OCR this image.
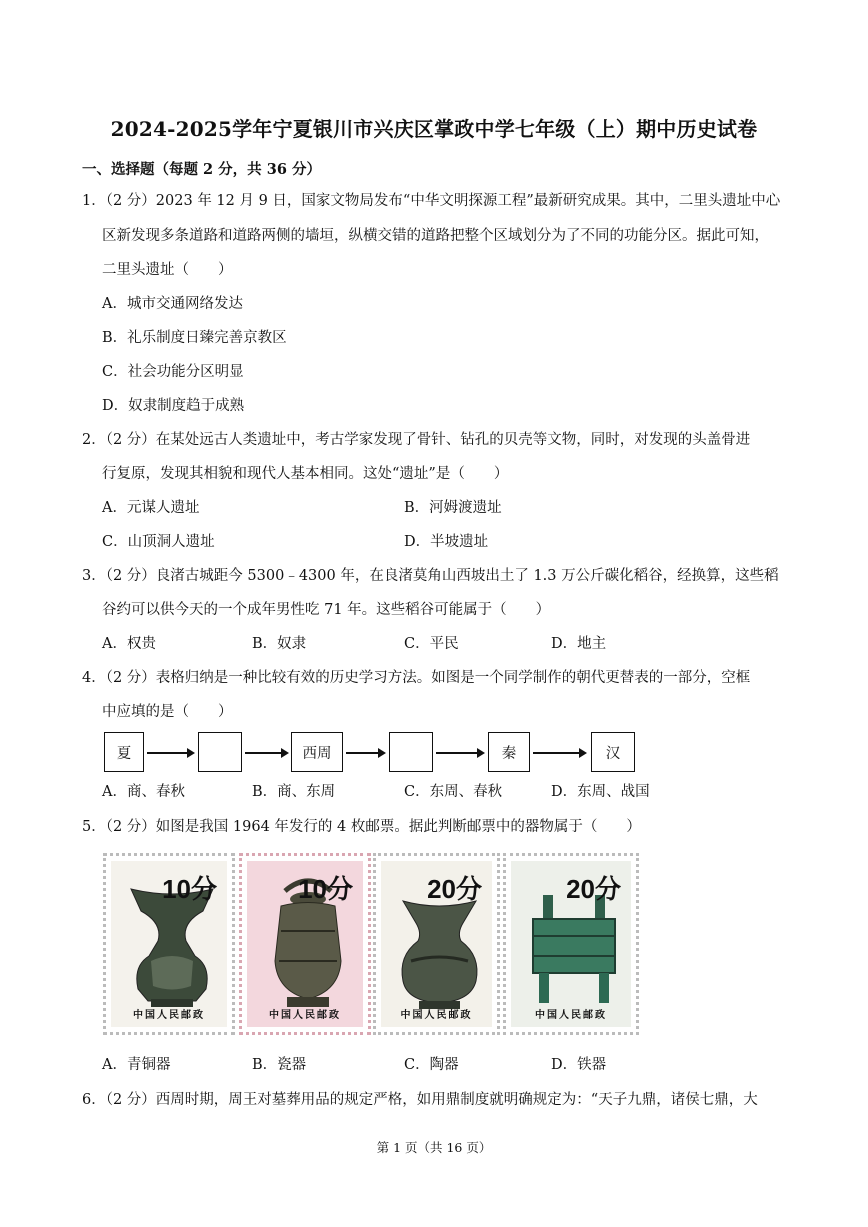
2024-2025学年宁夏银川市兴庆区掌政中学七年级（上）期中历史试卷
一、选择题（每题 2 分，共 36 分）
1．（2 分）2023 年 12 月 9 日，国家文物局发布“中华文明探源工程”最新研究成果。其中，二里头遗址中心
区新发现多条道路和道路两侧的墙垣，纵横交错的道路把整个区域划分为了不同的功能分区。据此可知，
二里头遗址（　　）
A．城市交通网络发达
B．礼乐制度日臻完善京教区
C．社会功能分区明显
D．奴隶制度趋于成熟
2．（2 分）在某处远古人类遗址中，考古学家发现了骨针、钻孔的贝壳等文物，同时，对发现的头盖骨进
行复原，发现其相貌和现代人基本相同。这处“遗址”是（　　）
A．元谋人遗址	B．河姆渡遗址
C．山顶洞人遗址	D．半坡遗址
3．（2 分）良渚古城距今 5300﹣4300 年，在良渚莫角山西坡出土了 1.3 万公斤碳化稻谷，经换算，这些稻
谷约可以供今天的一个成年男性吃 71 年。这些稻谷可能属于（　　）
A．权贵	B．奴隶	C．平民	D．地主
4．（2 分）表格归纳是一种比较有效的历史学习方法。如图是一个同学制作的朝代更替表的一部分，空框
中应填的是（　　）
夏	西周	秦	汉
A．商、春秋	B．商、东周	C．东周、春秋	D．东周、战国
5．（2 分）如图是我国 1964 年发行的 4 枚邮票。据此判断邮票中的器物属于（　　）
10分
中国人民邮政
10分
中国人民邮政
20分
中国人民邮政
20分
中国人民邮政
A．青铜器	B．瓷器	C．陶器	D．铁器
6．（2 分）西周时期，周王对墓葬用品的规定严格，如用鼎制度就明确规定为：“天子九鼎，诸侯七鼎，大
第 1 页（共 16 页）
